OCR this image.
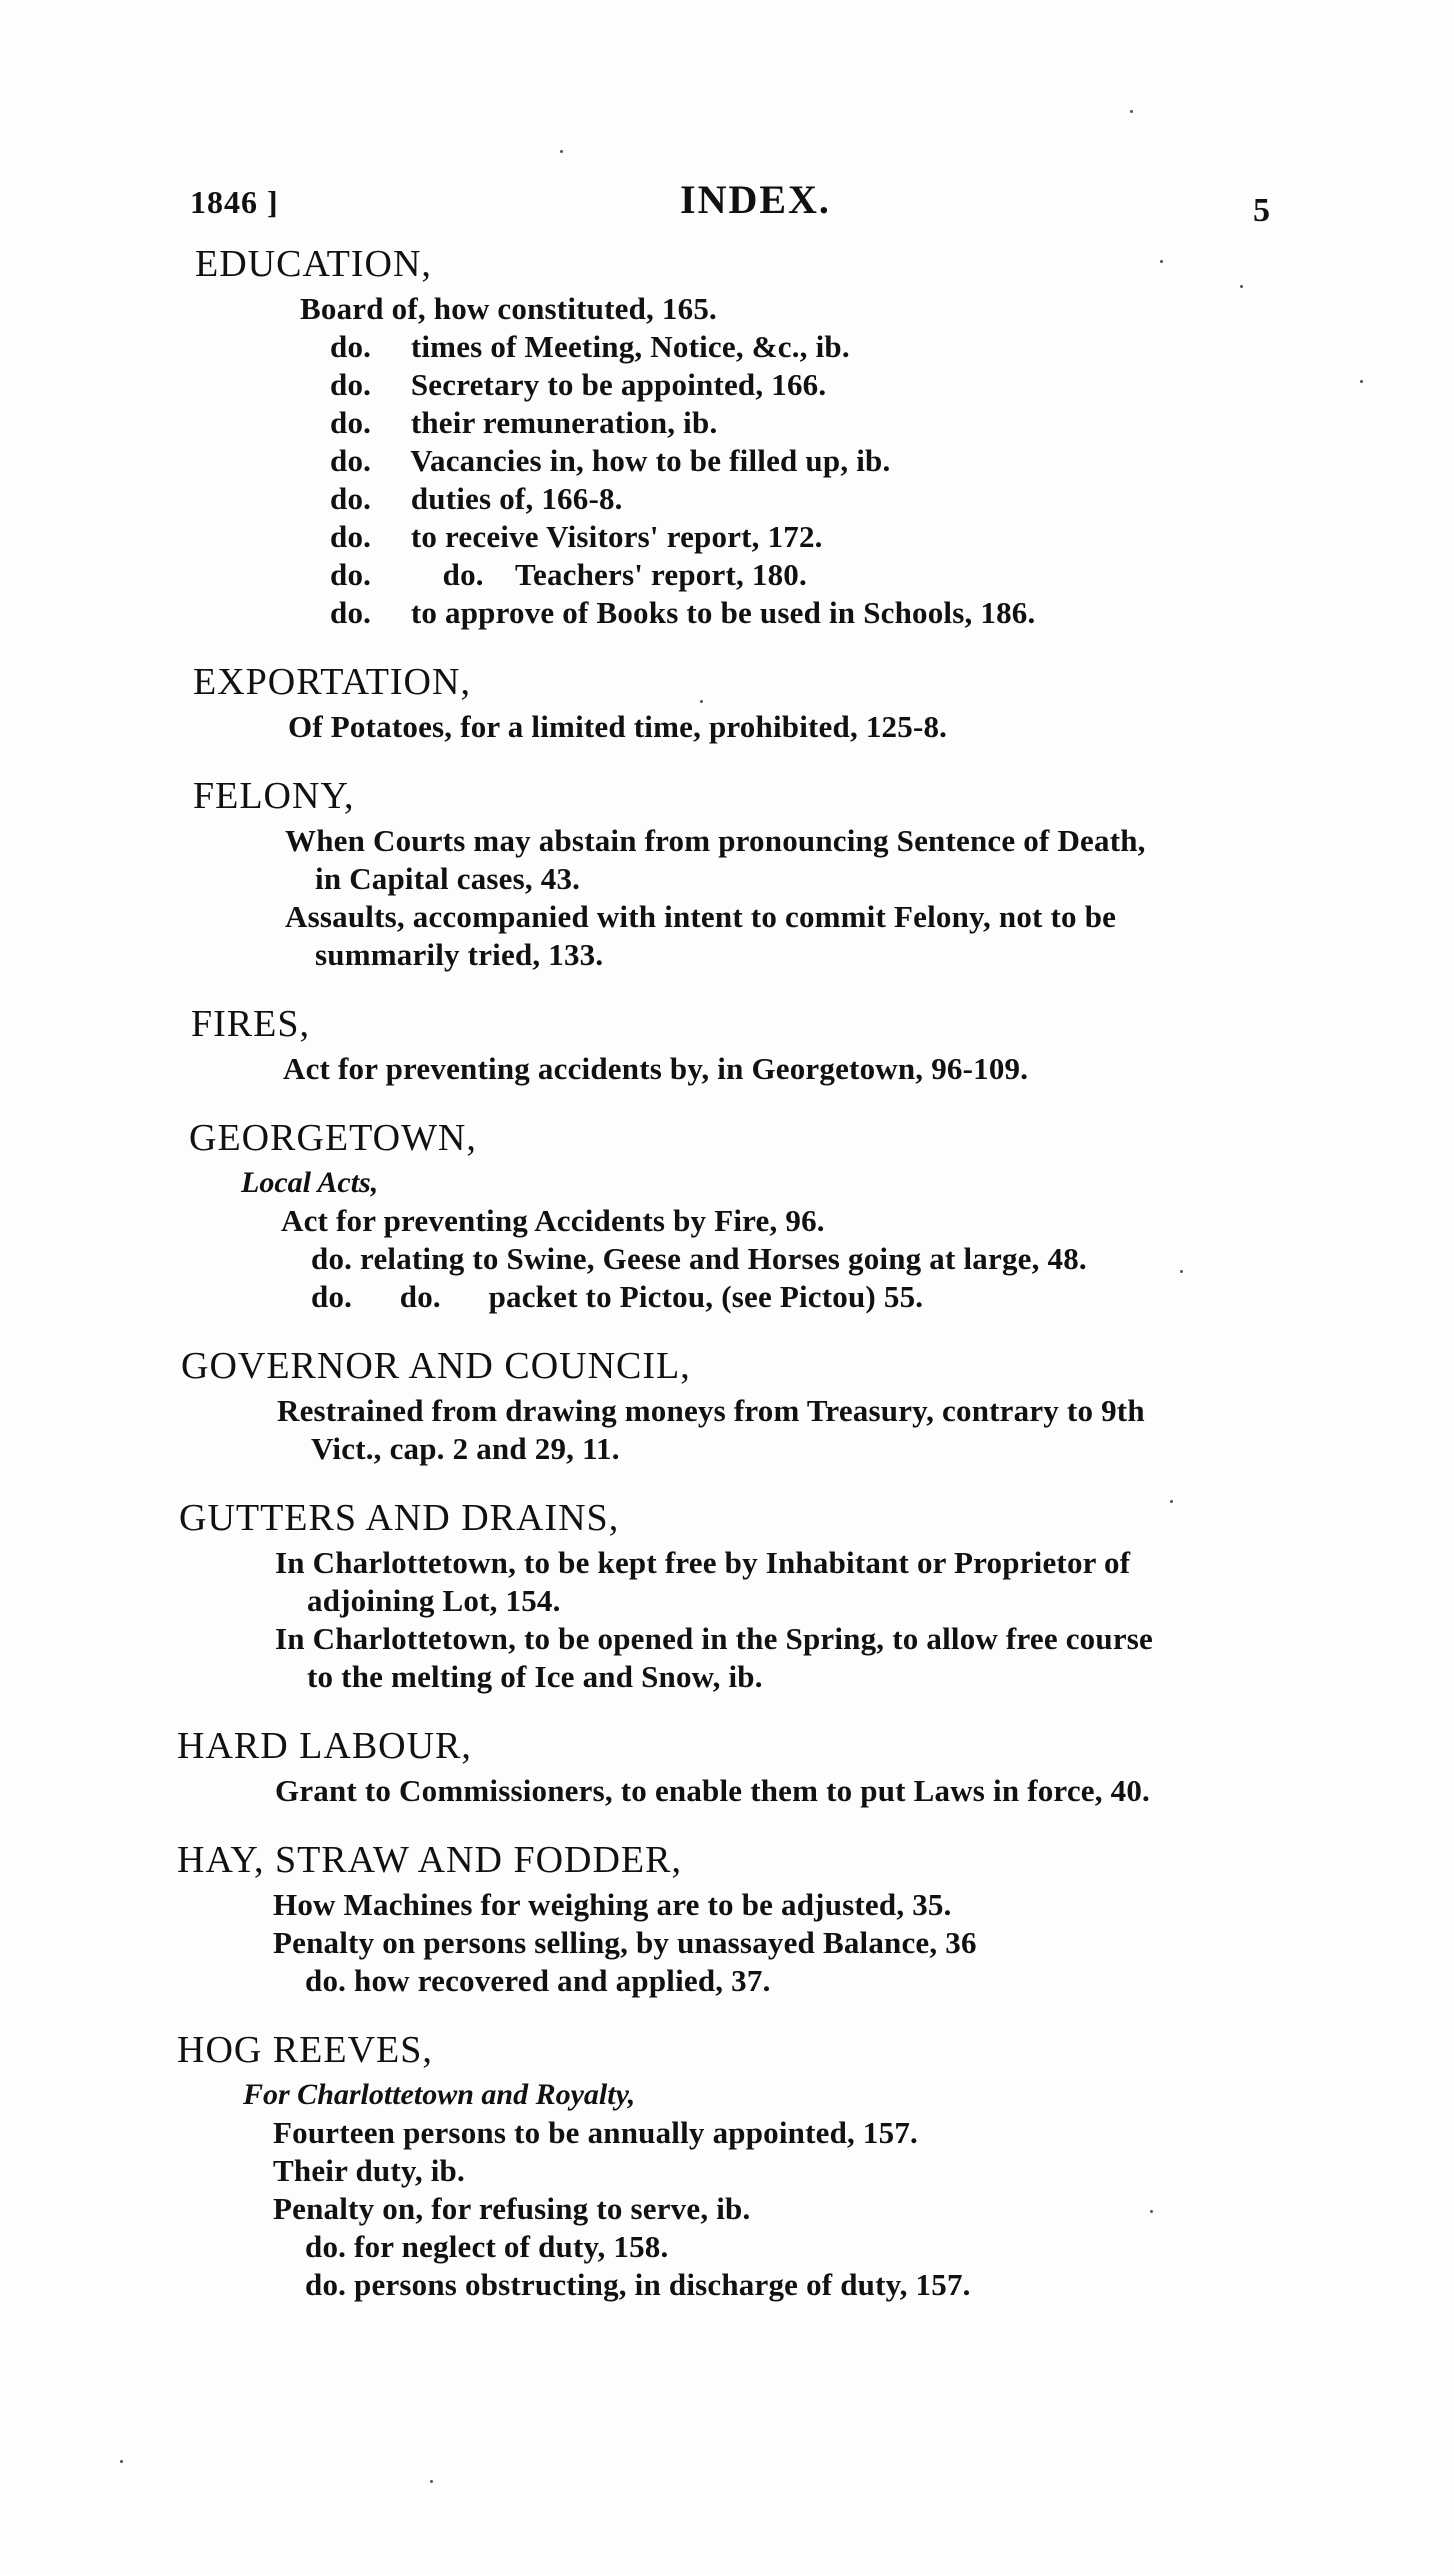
1846 ]	INDEX.	5
EDUCATION,
Board of, how constituted, 165.
do.     times of Meeting, Notice, &c., ib.
do.     Secretary to be appointed, 166.
do.     their remuneration, ib.
do.     Vacancies in, how to be filled up, ib.
do.     duties of, 166-8.
do.     to receive Visitors' report, 172.
do.         do.    Teachers' report, 180.
do.     to approve of Books to be used in Schools, 186.
EXPORTATION,
Of Potatoes, for a limited time, prohibited, 125-8.
FELONY,
When Courts may abstain from pronouncing Sentence of Death,
in Capital cases, 43.
Assaults, accompanied with intent to commit Felony, not to be
summarily tried, 133.
FIRES,
Act for preventing accidents by, in Georgetown, 96-109.
GEORGETOWN,
Local Acts,
Act for preventing Accidents by Fire, 96.
do. relating to Swine, Geese and Horses going at large, 48.
do.      do.      packet to Pictou, (see Pictou) 55.
GOVERNOR AND COUNCIL,
Restrained from drawing moneys from Treasury, contrary to 9th
Vict., cap. 2 and 29, 11.
GUTTERS AND DRAINS,
In Charlottetown, to be kept free by Inhabitant or Proprietor of
adjoining Lot, 154.
In Charlottetown, to be opened in the Spring, to allow free course
to the melting of Ice and Snow, ib.
HARD LABOUR,
Grant to Commissioners, to enable them to put Laws in force, 40.
HAY, STRAW AND FODDER,
How Machines for weighing are to be adjusted, 35.
Penalty on persons selling, by unassayed Balance, 36
do. how recovered and applied, 37.
HOG REEVES,
For Charlottetown and Royalty,
Fourteen persons to be annually appointed, 157.
Their duty, ib.
Penalty on, for refusing to serve, ib.
do. for neglect of duty, 158.
do. persons obstructing, in discharge of duty, 157.
